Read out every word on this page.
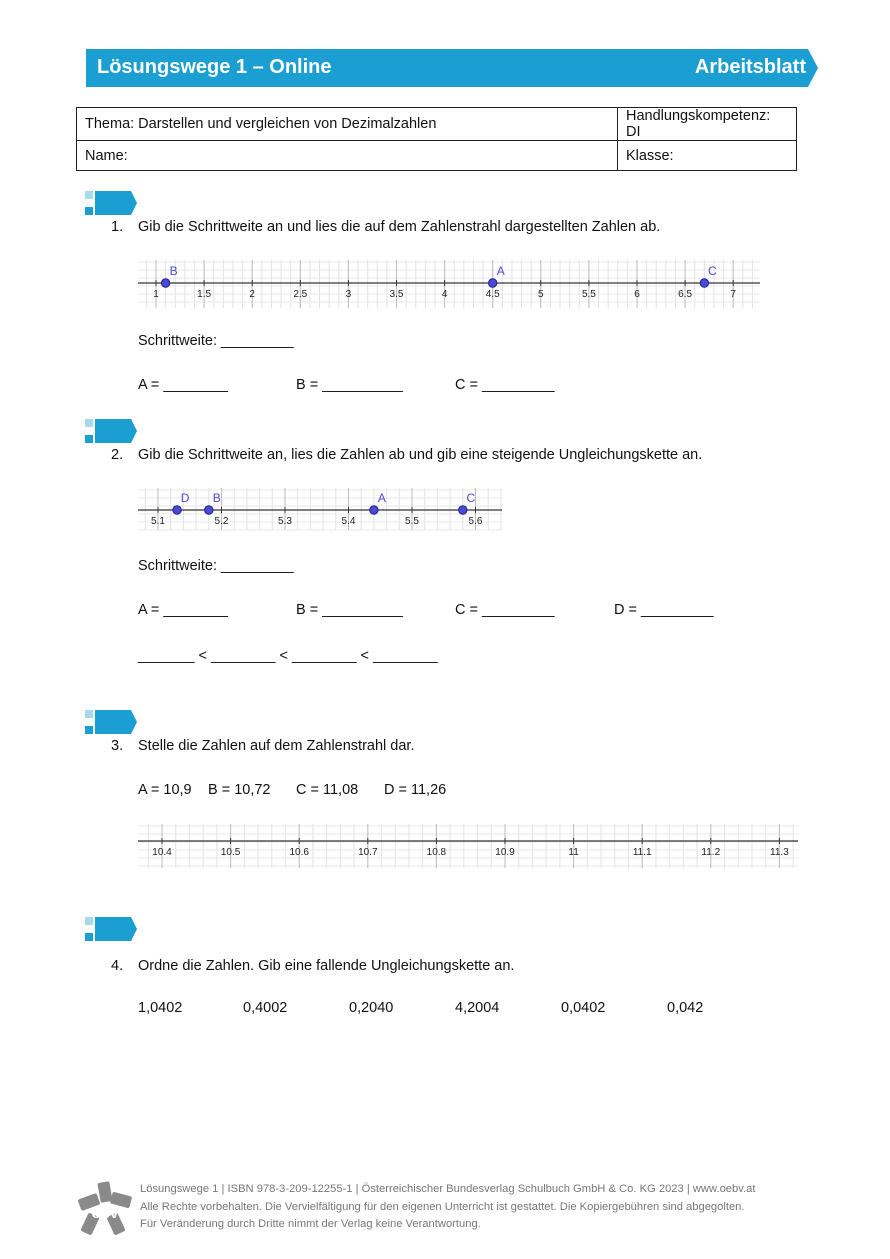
Lösungswege 1 – Online	Arbeitsblatt
Thema: Darstellen und vergleichen von Dezimalzahlen	Handlungskompetenz: DI
Name:	Klasse:
1. Gib die Schrittweite an und lies die auf dem Zahlenstrahl dargestellten Zahlen ab.
1	1.5	2	2.5	3	3.5	4	4.5	5	5.5	6	6.5	7
B	A	C
Schrittweite: _________
A = ________	B = __________	C = _________
2. Gib die Schrittweite an, lies die Zahlen ab und gib eine steigende Ungleichungskette an.
5.1	5.2	5.3	5.4	5.5	5.6
D B	A	C
Schrittweite: _________
A = ________	B = __________	C = _________	D = _________
_______ < ________ < ________ < ________
3. Stelle die Zahlen auf dem Zahlenstrahl dar.
A = 10,9 B = 10,72 C = 11,08 D = 11,26
10.4	10.5	10.6	10.7	10.8	10.9	11	11.1	11.2	11.3
4. Ordne die Zahlen. Gib eine fallende Ungleichungskette an.
1,0402	0,4002	0,2040	4,2004	0,0402	0,042
öbv
Lösungswege 1 | ISBN 978-3-209-12255-1 | Österreichischer Bundesverlag Schulbuch GmbH & Co. KG 2023 | www.oebv.at
Alle Rechte vorbehalten. Die Vervielfältigung für den eigenen Unterricht ist gestattet. Die Kopiergebühren sind abgegolten.
Für Veränderung durch Dritte nimmt der Verlag keine Verantwortung.
